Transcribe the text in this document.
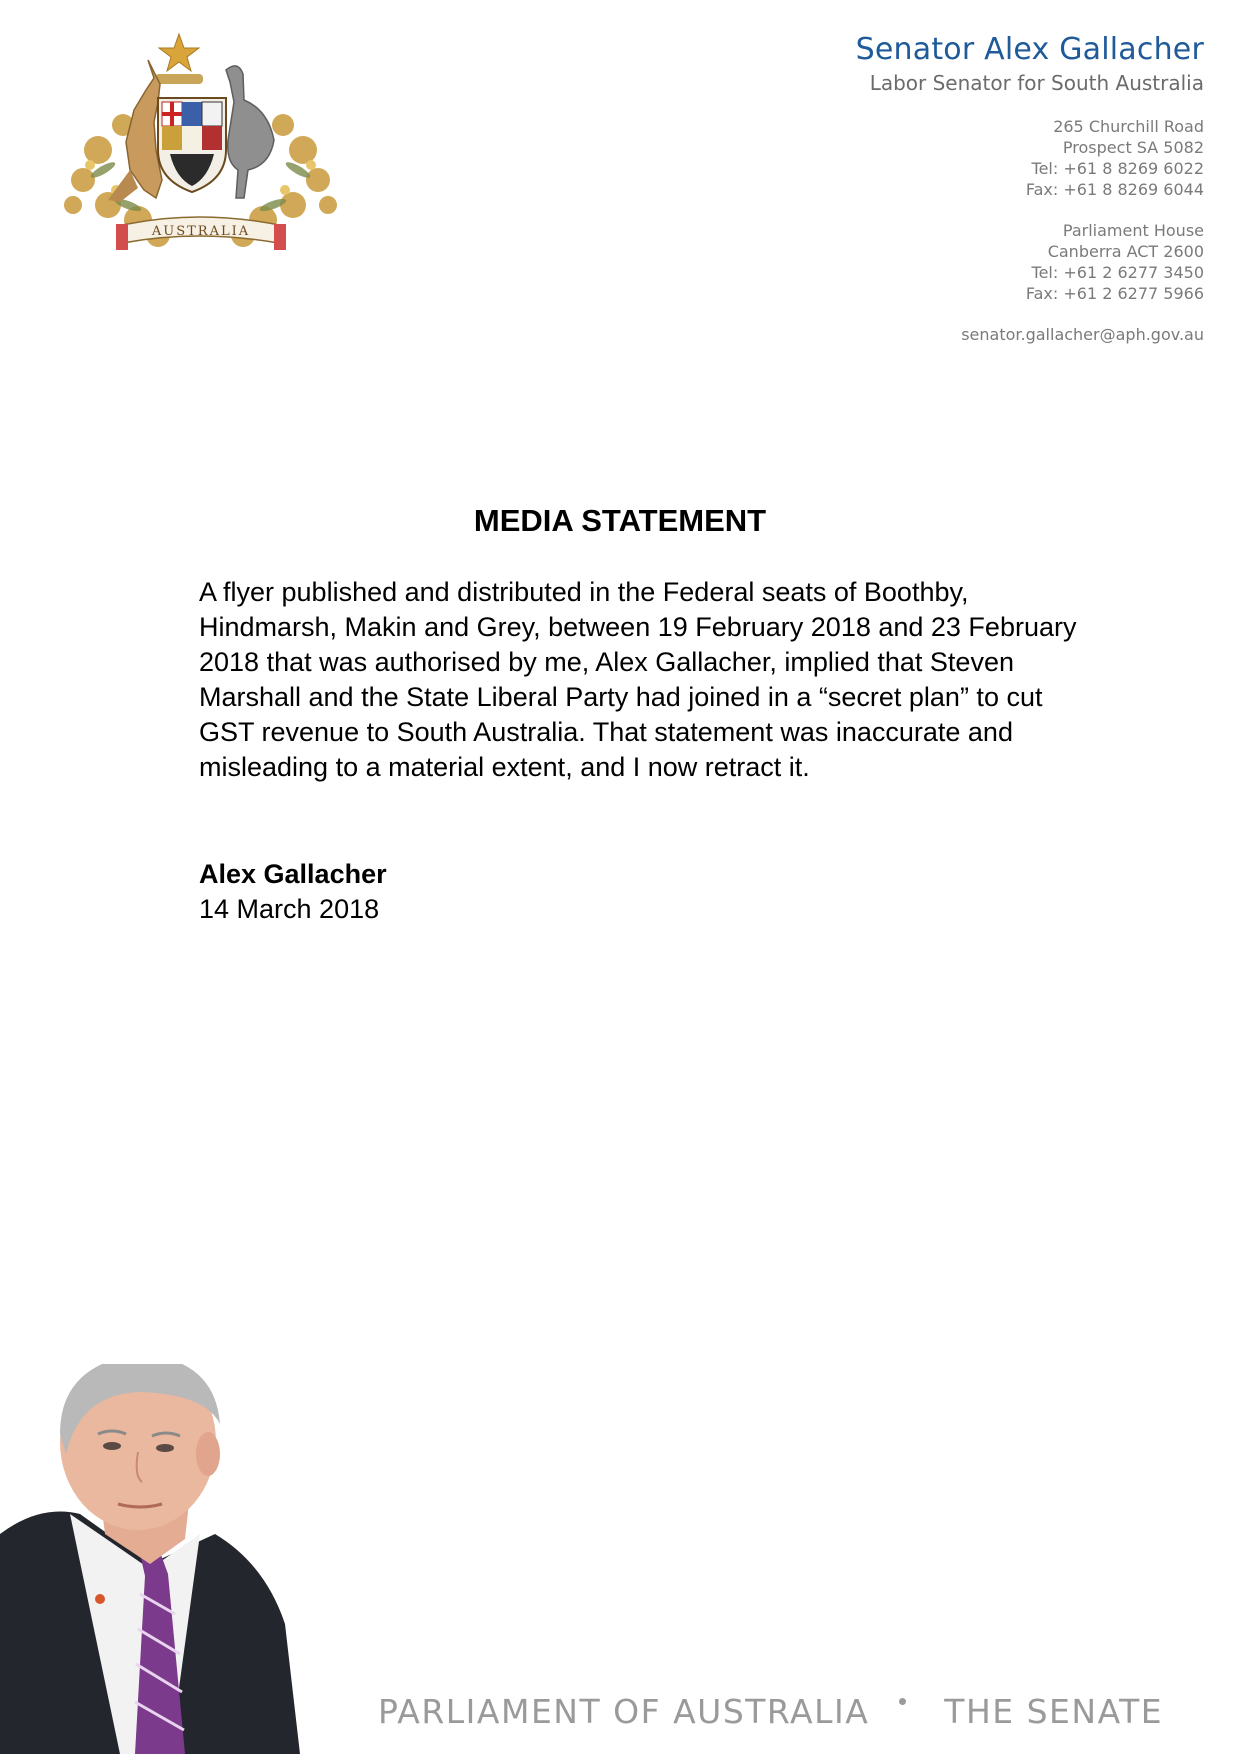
AUSTRALIA
Senator Alex Gallacher
Labor Senator for South Australia
265 Churchill Road
Prospect SA 5082
Tel: +61 8 8269 6022
Fax: +61 8 8269 6044
Parliament House
Canberra ACT 2600
Tel: +61 2 6277 3450
Fax: +61 2 6277 5966
senator.gallacher@aph.gov.au
MEDIA STATEMENT
A flyer published and distributed in the Federal seats of Boothby, Hindmarsh, Makin and Grey, between 19 February 2018 and 23 February 2018 that was authorised by me, Alex Gallacher, implied that Steven Marshall and the State Liberal Party had joined in a “secret plan” to cut GST revenue to South Australia. That statement was inaccurate and misleading to a material extent, and I now retract it.
Alex Gallacher
14 March 2018
PARLIAMENT OF AUSTRALIA THE SENATE
